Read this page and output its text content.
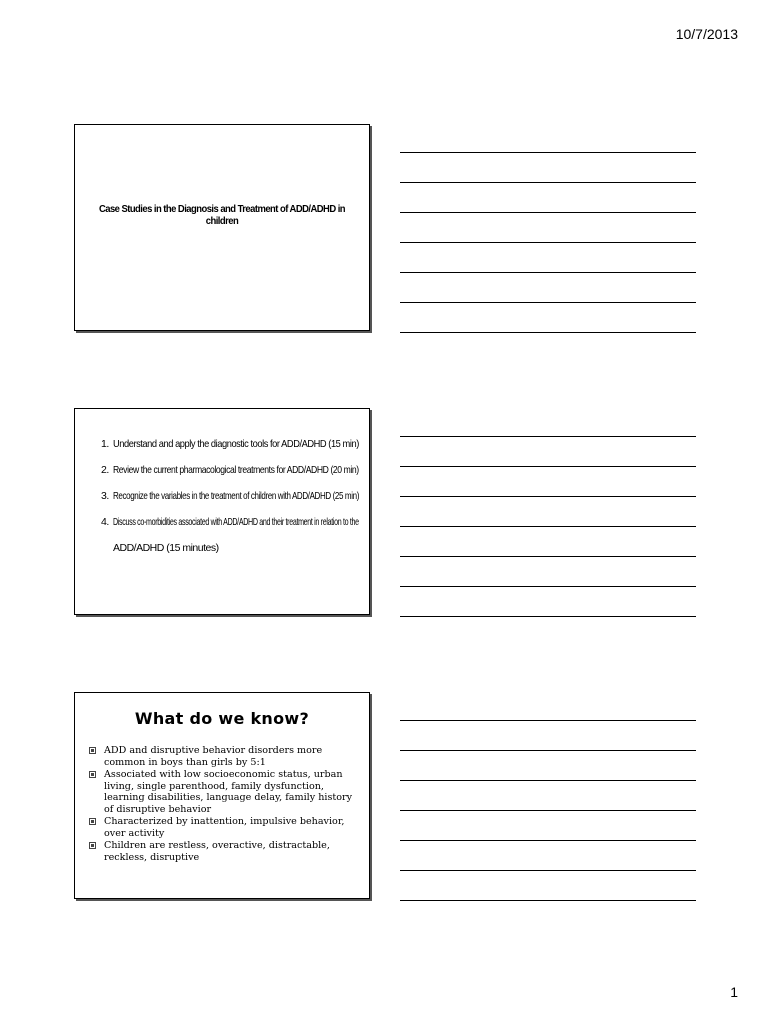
10/7/2013
Case Studies in the Diagnosis and Treatment of ADD/ADHD in children
1. Understand and apply the diagnostic tools for ADD/ADHD (15 min)
2. Review the current pharmacological treatments for ADD/ADHD (20 min)
3. Recognize the variables in the treatment of children with ADD/ADHD (25 min)
4. Discuss co-morbidities associated with ADD/ADHD and their treatment in relation to the
ADD/ADHD (15 minutes)
What do we know?
ADD and disruptive behavior disorders more common in boys than girls by 5:1
Associated with low socioeconomic status, urban living, single parenthood, family dysfunction, learning disabilities, language delay, family history of disruptive behavior
Characterized by inattention, impulsive behavior, over activity
Children are restless, overactive, distractable, reckless, disruptive
1
